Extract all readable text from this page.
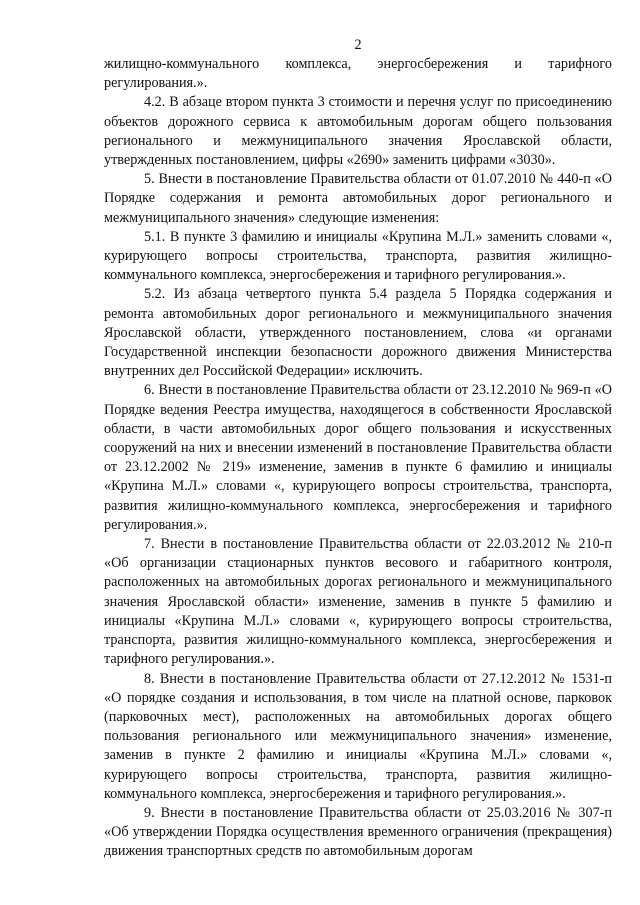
2

жилищно-коммунального комплекса, энергосбережения и тарифного регулирования.».

4.2. В абзаце втором пункта 3 стоимости и перечня услуг по присоединению объектов дорожного сервиса к автомобильным дорогам общего пользования регионального и межмуниципального значения Ярославской области, утвержденных постановлением, цифры «2690» заменить цифрами «3030».

5. Внести в постановление Правительства области от 01.07.2010 № 440-п «О Порядке содержания и ремонта автомобильных дорог регионального и межмуниципального значения» следующие изменения:

5.1. В пункте 3 фамилию и инициалы «Крупина М.Л.» заменить словами «, курирующего вопросы строительства, транспорта, развития жилищно-коммунального комплекса, энергосбережения и тарифного регулирования.».

5.2. Из абзаца четвертого пункта 5.4 раздела 5 Порядка содержания и ремонта автомобильных дорог регионального и межмуниципального значения Ярославской области, утвержденного постановлением, слова «и органами Государственной инспекции безопасности дорожного движения Министерства внутренних дел Российской Федерации» исключить.

6. Внести в постановление Правительства области от 23.12.2010 № 969-п «О Порядке ведения Реестра имущества, находящегося в собственности Ярославской области, в части автомобильных дорог общего пользования и искусственных сооружений на них и внесении изменений в постановление Правительства области от 23.12.2002 № 219» изменение, заменив в пункте 6 фамилию и инициалы «Крупина М.Л.» словами «, курирующего вопросы строительства, транспорта, развития жилищно-коммунального комплекса, энергосбережения и тарифного регулирования.».

7. Внести в постановление Правительства области от 22.03.2012 № 210-п «Об организации стационарных пунктов весового и габаритного контроля, расположенных на автомобильных дорогах регионального и межмуниципального значения Ярославской области» изменение, заменив в пункте 5 фамилию и инициалы «Крупина М.Л.» словами «, курирующего вопросы строительства, транспорта, развития жилищно-коммунального комплекса, энергосбережения и тарифного регулирования.».

8. Внести в постановление Правительства области от 27.12.2012 № 1531-п «О порядке создания и использования, в том числе на платной основе, парковок (парковочных мест), расположенных на автомобильных дорогах общего пользования регионального или межмуниципального значения» изменение, заменив в пункте 2 фамилию и инициалы «Крупина М.Л.» словами «, курирующего вопросы строительства, транспорта, развития жилищно-коммунального комплекса, энергосбережения и тарифного регулирования.».

9. Внести в постановление Правительства области от 25.03.2016 № 307-п «Об утверждении Порядка осуществления временного ограничения (прекращения) движения транспортных средств по автомобильным дорогам
